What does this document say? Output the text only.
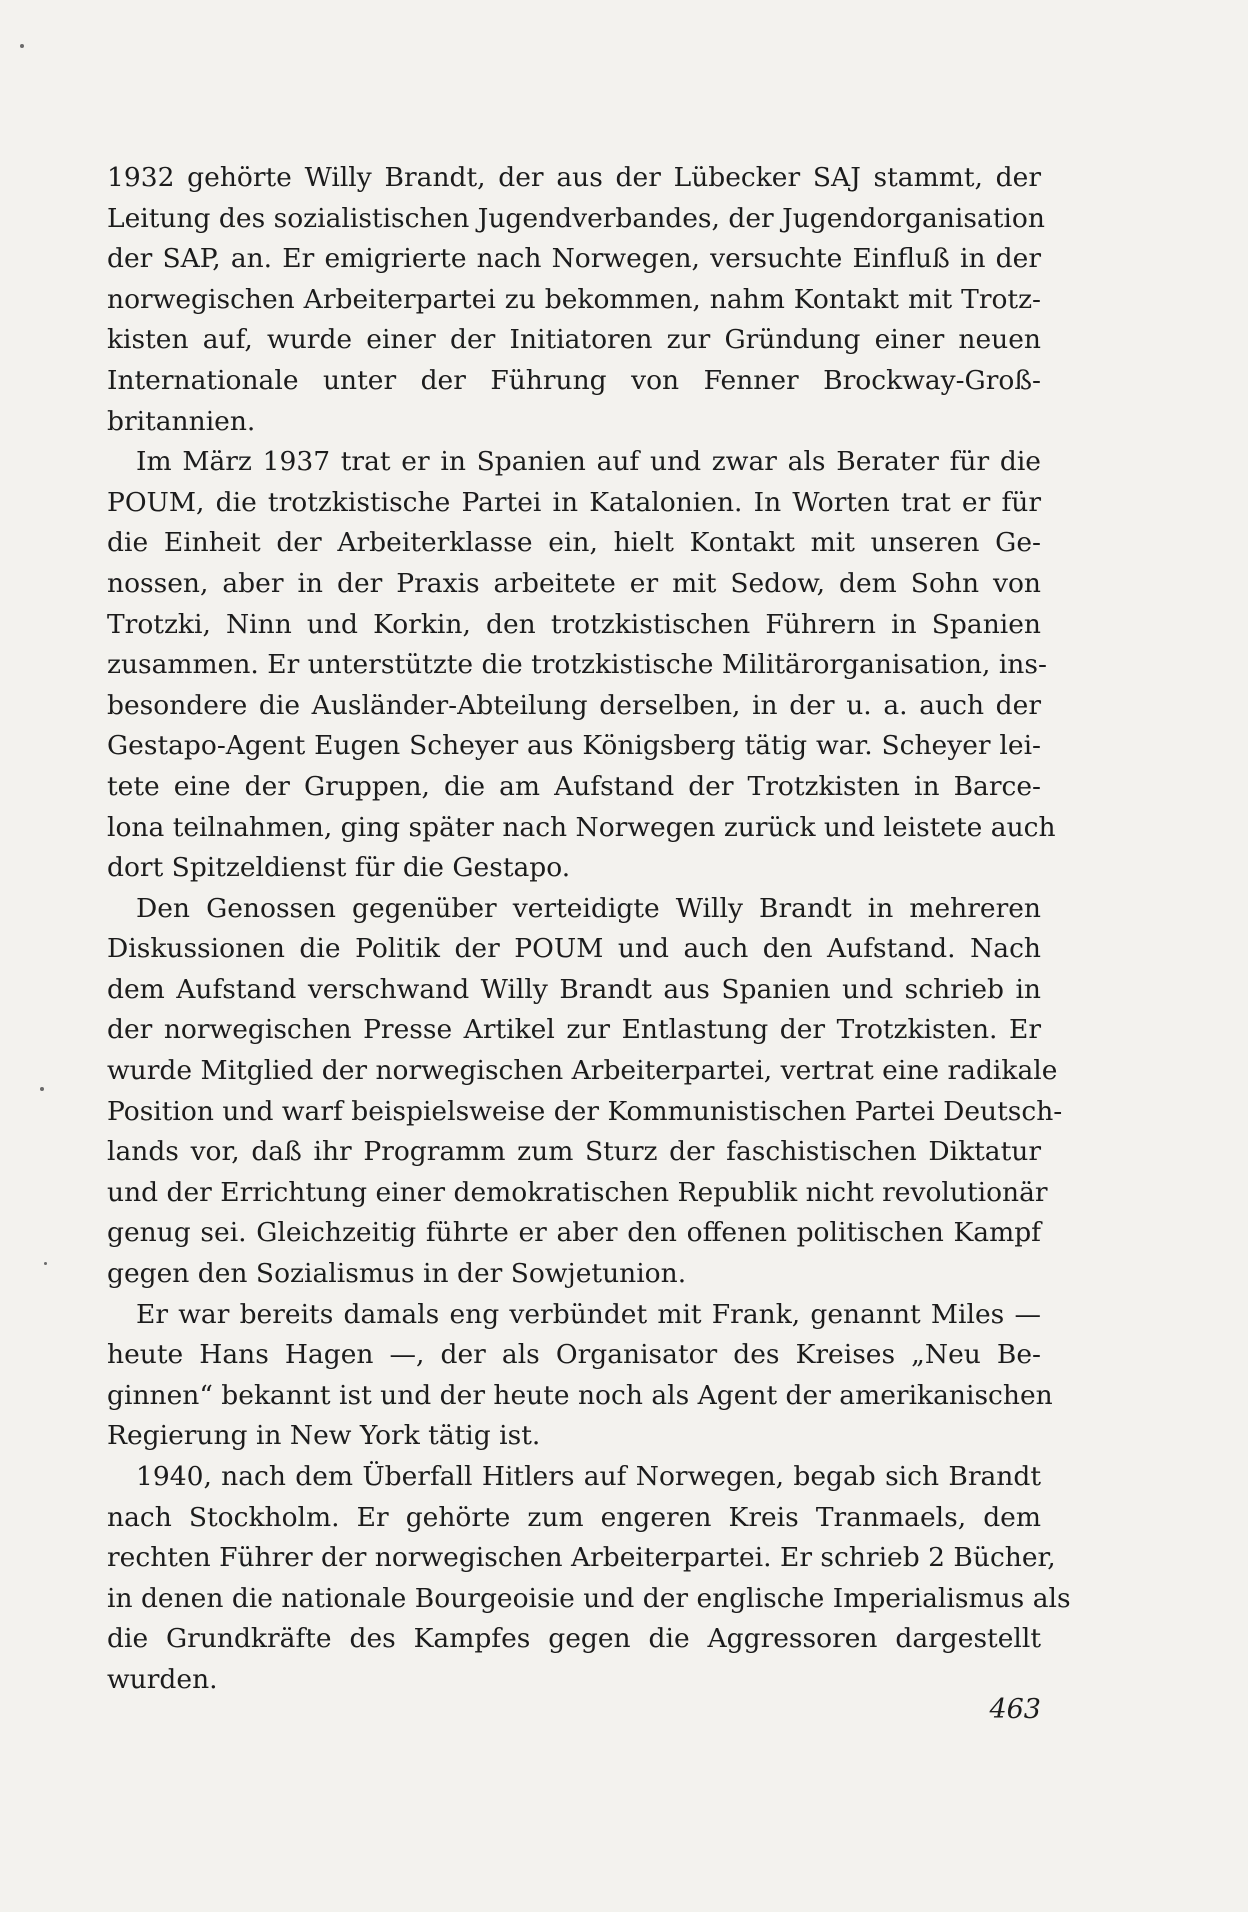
1932 gehörte Willy Brandt, der aus der Lübecker SAJ stammt, der
Leitung des sozialistischen Jugendverbandes, der Jugendorganisation
der SAP, an. Er emigrierte nach Norwegen, versuchte Einfluß in der
norwegischen Arbeiterpartei zu bekommen, nahm Kontakt mit Trotz-
kisten auf, wurde einer der Initiatoren zur Gründung einer neuen
Internationale unter der Führung von Fenner Brockway-Groß-
britannien.
Im März 1937 trat er in Spanien auf und zwar als Berater für die
POUM, die trotzkistische Partei in Katalonien. In Worten trat er für
die Einheit der Arbeiterklasse ein, hielt Kontakt mit unseren Ge-
nossen, aber in der Praxis arbeitete er mit Sedow, dem Sohn von
Trotzki, Ninn und Korkin, den trotzkistischen Führern in Spanien
zusammen. Er unterstützte die trotzkistische Militärorganisation, ins-
besondere die Ausländer-Abteilung derselben, in der u. a. auch der
Gestapo-Agent Eugen Scheyer aus Königsberg tätig war. Scheyer lei-
tete eine der Gruppen, die am Aufstand der Trotzkisten in Barce-
lona teilnahmen, ging später nach Norwegen zurück und leistete auch
dort Spitzeldienst für die Gestapo.
Den Genossen gegenüber verteidigte Willy Brandt in mehreren
Diskussionen die Politik der POUM und auch den Aufstand. Nach
dem Aufstand verschwand Willy Brandt aus Spanien und schrieb in
der norwegischen Presse Artikel zur Entlastung der Trotzkisten. Er
wurde Mitglied der norwegischen Arbeiterpartei, vertrat eine radikale
Position und warf beispielsweise der Kommunistischen Partei Deutsch-
lands vor, daß ihr Programm zum Sturz der faschistischen Diktatur
und der Errichtung einer demokratischen Republik nicht revolutionär
genug sei. Gleichzeitig führte er aber den offenen politischen Kampf
gegen den Sozialismus in der Sowjetunion.
Er war bereits damals eng verbündet mit Frank, genannt Miles —
heute Hans Hagen —, der als Organisator des Kreises „Neu Be-
ginnen“ bekannt ist und der heute noch als Agent der amerikanischen
Regierung in New York tätig ist.
1940, nach dem Überfall Hitlers auf Norwegen, begab sich Brandt
nach Stockholm. Er gehörte zum engeren Kreis Tranmaels, dem
rechten Führer der norwegischen Arbeiterpartei. Er schrieb 2 Bücher,
in denen die nationale Bourgeoisie und der englische Imperialismus als
die Grundkräfte des Kampfes gegen die Aggressoren dargestellt
wurden.
463
